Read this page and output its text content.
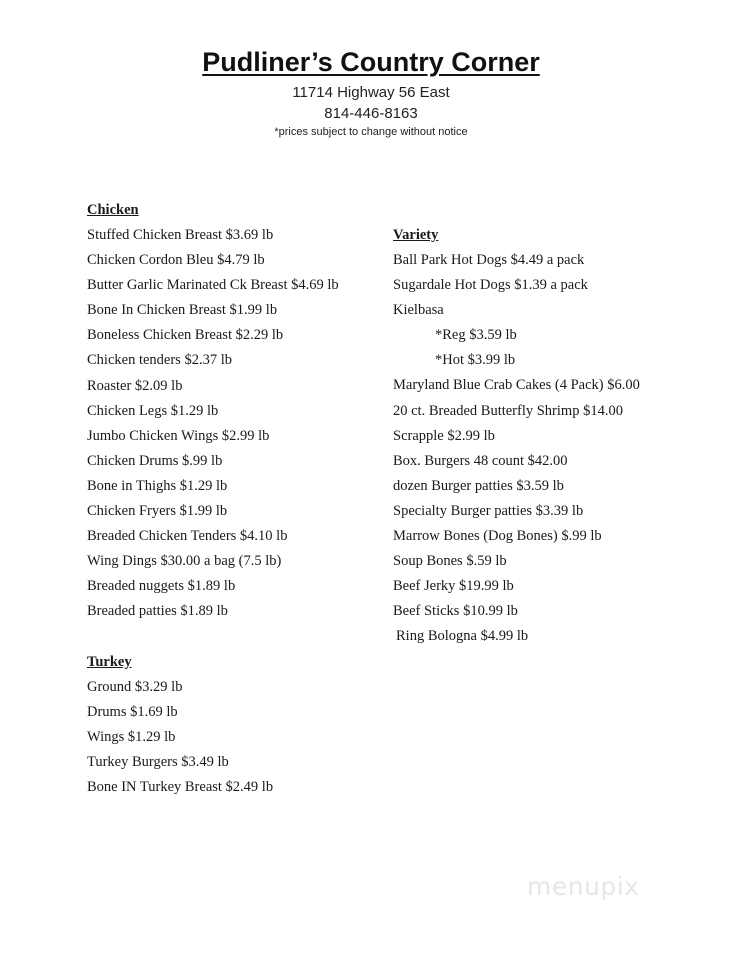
Pudliner’s Country Corner
11714 Highway 56 East
814-446-8163
*prices subject to change without notice
Chicken
Stuffed Chicken Breast $3.69 lb
Chicken Cordon Bleu $4.79 lb
Butter Garlic Marinated Ck Breast $4.69 lb
Bone In Chicken Breast $1.99 lb
Boneless Chicken Breast $2.29 lb
Chicken tenders $2.37 lb
Roaster $2.09 lb
Chicken Legs $1.29 lb
Jumbo Chicken Wings $2.99 lb
Chicken Drums $.99 lb
Bone in Thighs $1.29 lb
Chicken Fryers $1.99 lb
Breaded Chicken Tenders $4.10 lb
Wing Dings $30.00 a bag (7.5 lb)
Breaded nuggets $1.89 lb
Breaded patties $1.89 lb
Turkey
Ground $3.29 lb
Drums $1.69 lb
Wings $1.29 lb
Turkey Burgers $3.49 lb
Bone IN Turkey Breast $2.49 lb
Variety
Ball Park Hot Dogs $4.49 a pack
Sugardale Hot Dogs $1.39 a pack
Kielbasa
*Reg $3.59 lb
*Hot $3.99 lb
Maryland Blue Crab Cakes (4 Pack) $6.00
20 ct. Breaded Butterfly Shrimp $14.00
Scrapple $2.99 lb
Box. Burgers 48 count $42.00
dozen Burger patties $3.59 lb
Specialty Burger patties $3.39 lb
Marrow Bones (Dog Bones) $.99 lb
Soup Bones $.59 lb
Beef Jerky $19.99 lb
Beef Sticks $10.99 lb
Ring Bologna $4.99 lb
menupix
